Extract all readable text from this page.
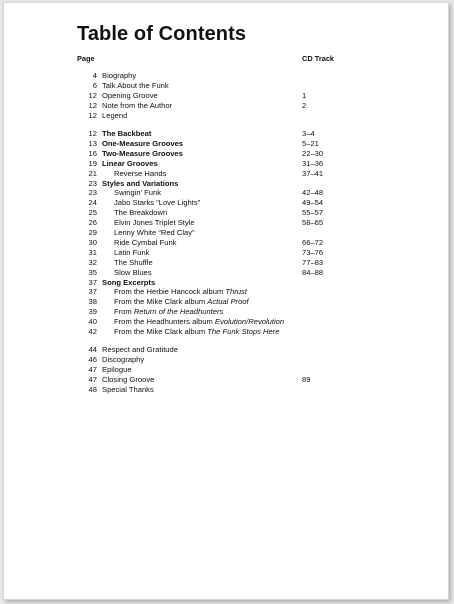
Table of Contents
Page	CD Track
4 Biography
6 Talk About the Funk
12 Opening Groove	1
12 Note from the Author	2
12 Legend
12 The Backbeat	3–4
13 One-Measure Grooves	5–21
16 Two-Measure Grooves	22–30
19 Linear Grooves	31–36
21 Reverse Hands	37–41
23 Styles and Variations
23 Swingin' Funk	42–48
24 Jabo Starks “Love Lights”	49–54
25 The Breakdown	55–57
26 Elvin Jones Triplet Style	58–65
29 Lenny White “Red Clay”
30 Ride Cymbal Funk	66–72
31 Latin Funk	73–76
32 The Shuffle	77–83
35 Slow Blues	84–88
37 Song Excerpts
37 From the Herbie Hancock album Thrust
38 From the Mike Clark album Actual Proof
39 From Return of the Headhunters
40 From the Headhunters album Evolution/Revolution
42 From the Mike Clark album The Funk Stops Here
44 Respect and Gratitude
46 Discography
47 Epilogue
47 Closing Groove	89
48 Special Thanks
